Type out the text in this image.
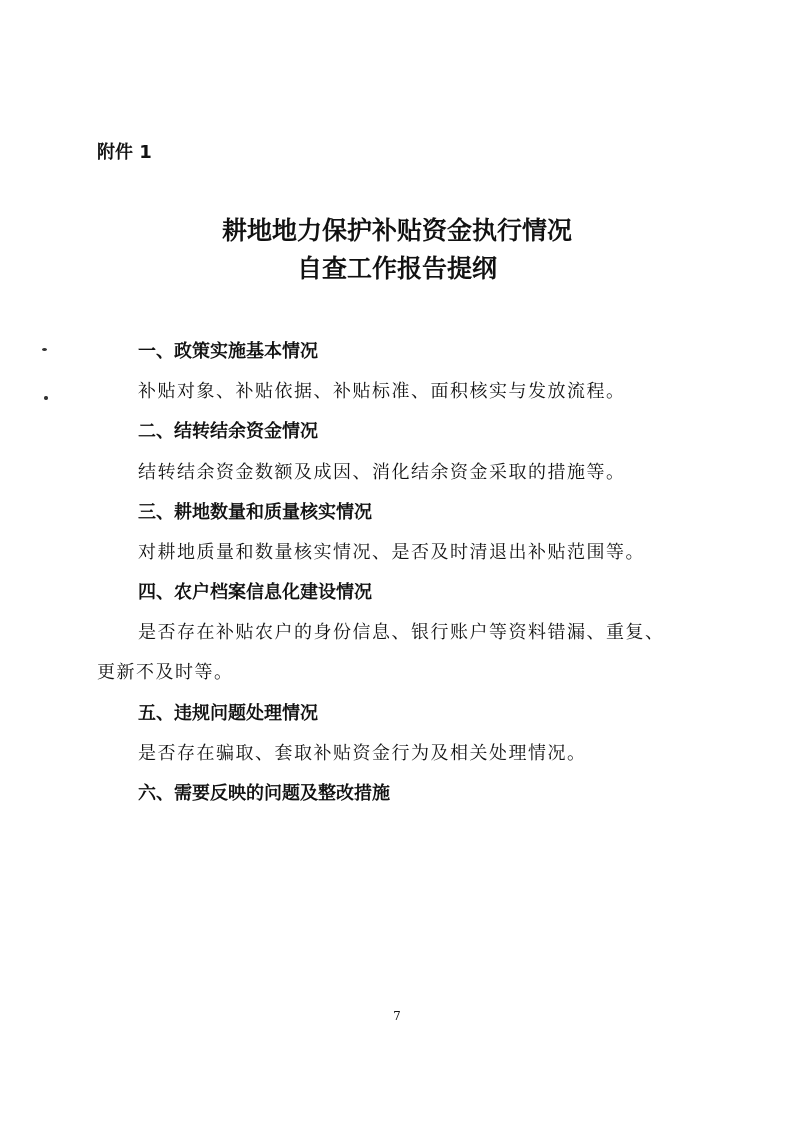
附件 1
耕地地力保护补贴资金执行情况
自查工作报告提纲
一、政策实施基本情况
补贴对象、补贴依据、补贴标准、面积核实与发放流程。
二、结转结余资金情况
结转结余资金数额及成因、消化结余资金采取的措施等。
三、耕地数量和质量核实情况
对耕地质量和数量核实情况、是否及时清退出补贴范围等。
四、农户档案信息化建设情况
是否存在补贴农户的身份信息、银行账户等资料错漏、重复、
更新不及时等。
五、违规问题处理情况
是否存在骗取、套取补贴资金行为及相关处理情况。
六、需要反映的问题及整改措施
7
